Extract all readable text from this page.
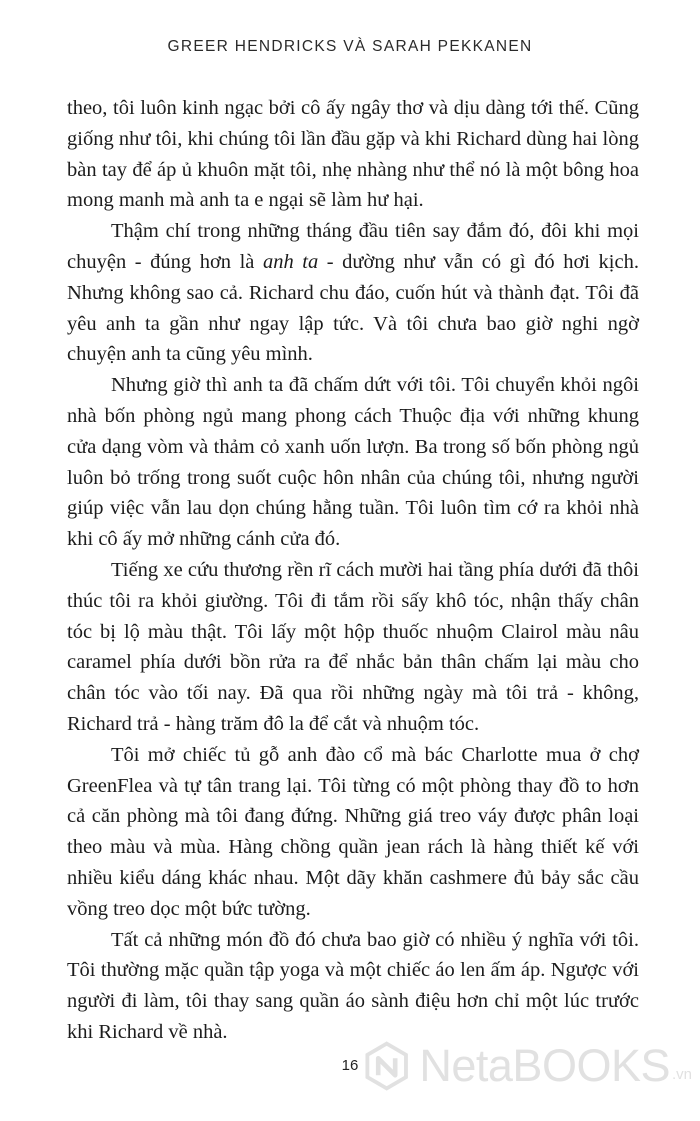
GREER HENDRICKS VÀ SARAH PEKKANEN

theo, tôi luôn kinh ngạc bởi cô ấy ngây thơ và dịu dàng tới thế. Cũng giống như tôi, khi chúng tôi lần đầu gặp và khi Richard dùng hai lòng bàn tay để áp ủ khuôn mặt tôi, nhẹ nhàng như thể nó là một bông hoa mong manh mà anh ta e ngại sẽ làm hư hại.

Thậm chí trong những tháng đầu tiên say đắm đó, đôi khi mọi chuyện - đúng hơn là anh ta - dường như vẫn có gì đó hơi kịch. Nhưng không sao cả. Richard chu đáo, cuốn hút và thành đạt. Tôi đã yêu anh ta gần như ngay lập tức. Và tôi chưa bao giờ nghi ngờ chuyện anh ta cũng yêu mình.

Nhưng giờ thì anh ta đã chấm dứt với tôi. Tôi chuyển khỏi ngôi nhà bốn phòng ngủ mang phong cách Thuộc địa với những khung cửa dạng vòm và thảm cỏ xanh uốn lượn. Ba trong số bốn phòng ngủ luôn bỏ trống trong suốt cuộc hôn nhân của chúng tôi, nhưng người giúp việc vẫn lau dọn chúng hằng tuần. Tôi luôn tìm cớ ra khỏi nhà khi cô ấy mở những cánh cửa đó.

Tiếng xe cứu thương rền rĩ cách mười hai tầng phía dưới đã thôi thúc tôi ra khỏi giường. Tôi đi tắm rồi sấy khô tóc, nhận thấy chân tóc bị lộ màu thật. Tôi lấy một hộp thuốc nhuộm Clairol màu nâu caramel phía dưới bồn rửa ra để nhắc bản thân chấm lại màu cho chân tóc vào tối nay. Đã qua rồi những ngày mà tôi trả - không, Richard trả - hàng trăm đô la để cắt và nhuộm tóc.

Tôi mở chiếc tủ gỗ anh đào cổ mà bác Charlotte mua ở chợ GreenFlea và tự tân trang lại. Tôi từng có một phòng thay đồ to hơn cả căn phòng mà tôi đang đứng. Những giá treo váy được phân loại theo màu và mùa. Hàng chồng quần jean rách là hàng thiết kế với nhiều kiểu dáng khác nhau. Một dãy khăn cashmere đủ bảy sắc cầu vồng treo dọc một bức tường.

Tất cả những món đồ đó chưa bao giờ có nhiều ý nghĩa với tôi. Tôi thường mặc quần tập yoga và một chiếc áo len ấm áp. Ngược với người đi làm, tôi thay sang quần áo sành điệu hơn chỉ một lúc trước khi Richard về nhà.

16	NetaBOOKS .vn
